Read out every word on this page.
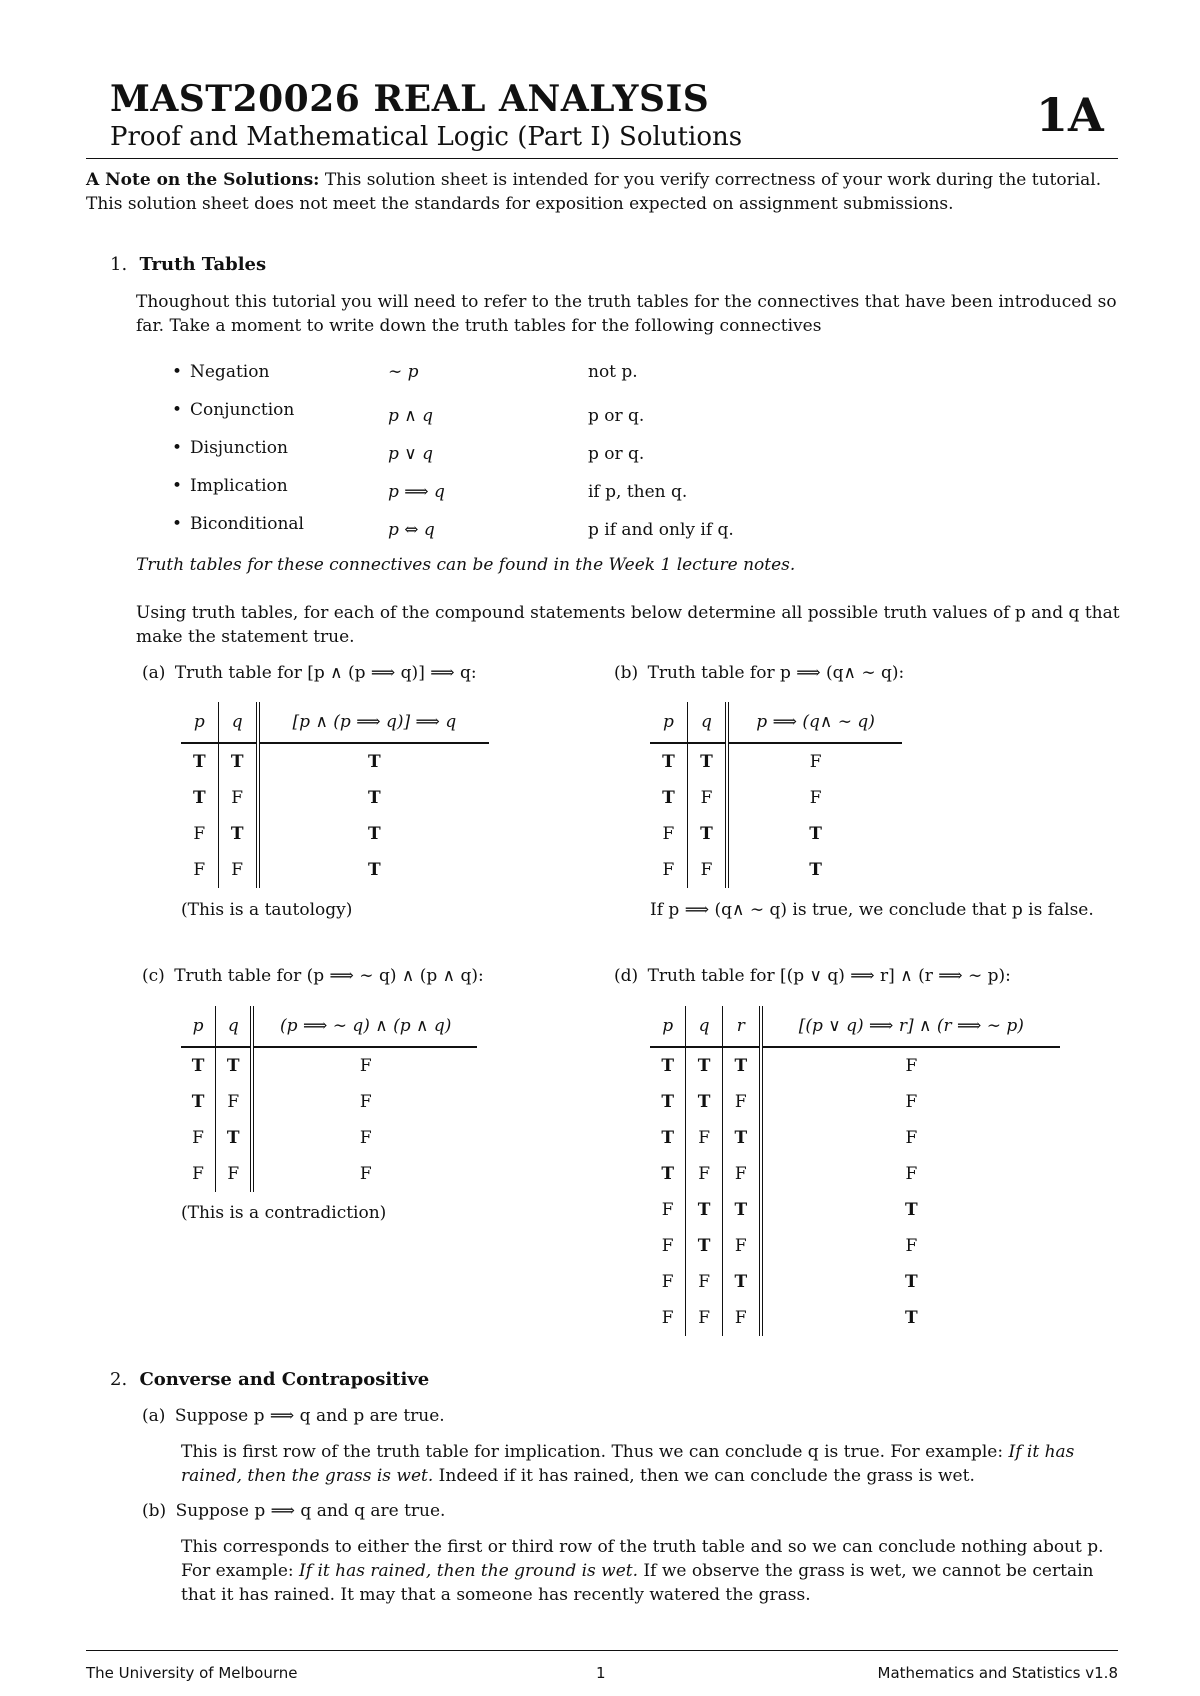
MAST20026 REAL ANALYSIS
Proof and Mathematical Logic (Part I) Solutions	1A
A Note on the Solutions: This solution sheet is intended for you verify correctness of your work during the tutorial. This solution sheet does not meet the standards for exposition expected on assignment submissions.
1. Truth Tables
Thoughout this tutorial you will need to refer to the truth tables for the connectives that have been introduced so far. Take a moment to write down the truth tables for the following connectives
• Negation	∼ p	not p.
• Conjunction	p ∧ q	p or q.
• Disjunction	p ∨ q	p or q.
• Implication	p ⟹ q	if p, then q.
• Biconditional	p ⇔ q	p if and only if q.
Truth tables for these connectives can be found in the Week 1 lecture notes.
Using truth tables, for each of the compound statements below determine all possible truth values of p and q that make the statement true.
(a) Truth table for [p ∧ (p ⟹ q)] ⟹ q:
p	q	[p ∧ (p ⟹ q)] ⟹ q
T	T	T
T	F	T
F	T	T
F	F	T
(This is a tautology)
(b) Truth table for p ⟹ (q∧ ∼ q):
p	q	p ⟹ (q∧ ∼ q)
T	T	F
T	F	F
F	T	T
F	F	T
If p ⟹ (q∧ ∼ q) is true, we conclude that p is false.
(c) Truth table for (p ⟹ ∼ q) ∧ (p ∧ q):
p	q	(p ⟹ ∼ q) ∧ (p ∧ q)
T	T	F
T	F	F
F	T	F
F	F	F
(This is a contradiction)
(d) Truth table for [(p ∨ q) ⟹ r] ∧ (r ⟹ ∼ p):
p	q	r	[(p ∨ q) ⟹ r] ∧ (r ⟹ ∼ p)
T	T	T	F
T	T	F	F
T	F	T	F
T	F	F	F
F	T	T	T
F	T	F	F
F	F	T	T
F	F	F	T
2. Converse and Contrapositive
(a) Suppose p ⟹ q and p are true.
This is first row of the truth table for implication. Thus we can conclude q is true. For example: If it has rained, then the grass is wet. Indeed if it has rained, then we can conclude the grass is wet.
(b) Suppose p ⟹ q and q are true.
This corresponds to either the first or third row of the truth table and so we can conclude nothing about p. For example: If it has rained, then the ground is wet. If we observe the grass is wet, we cannot be certain that it has rained. It may that a someone has recently watered the grass.
The University of Melbourne	1	Mathematics and Statistics v1.8
